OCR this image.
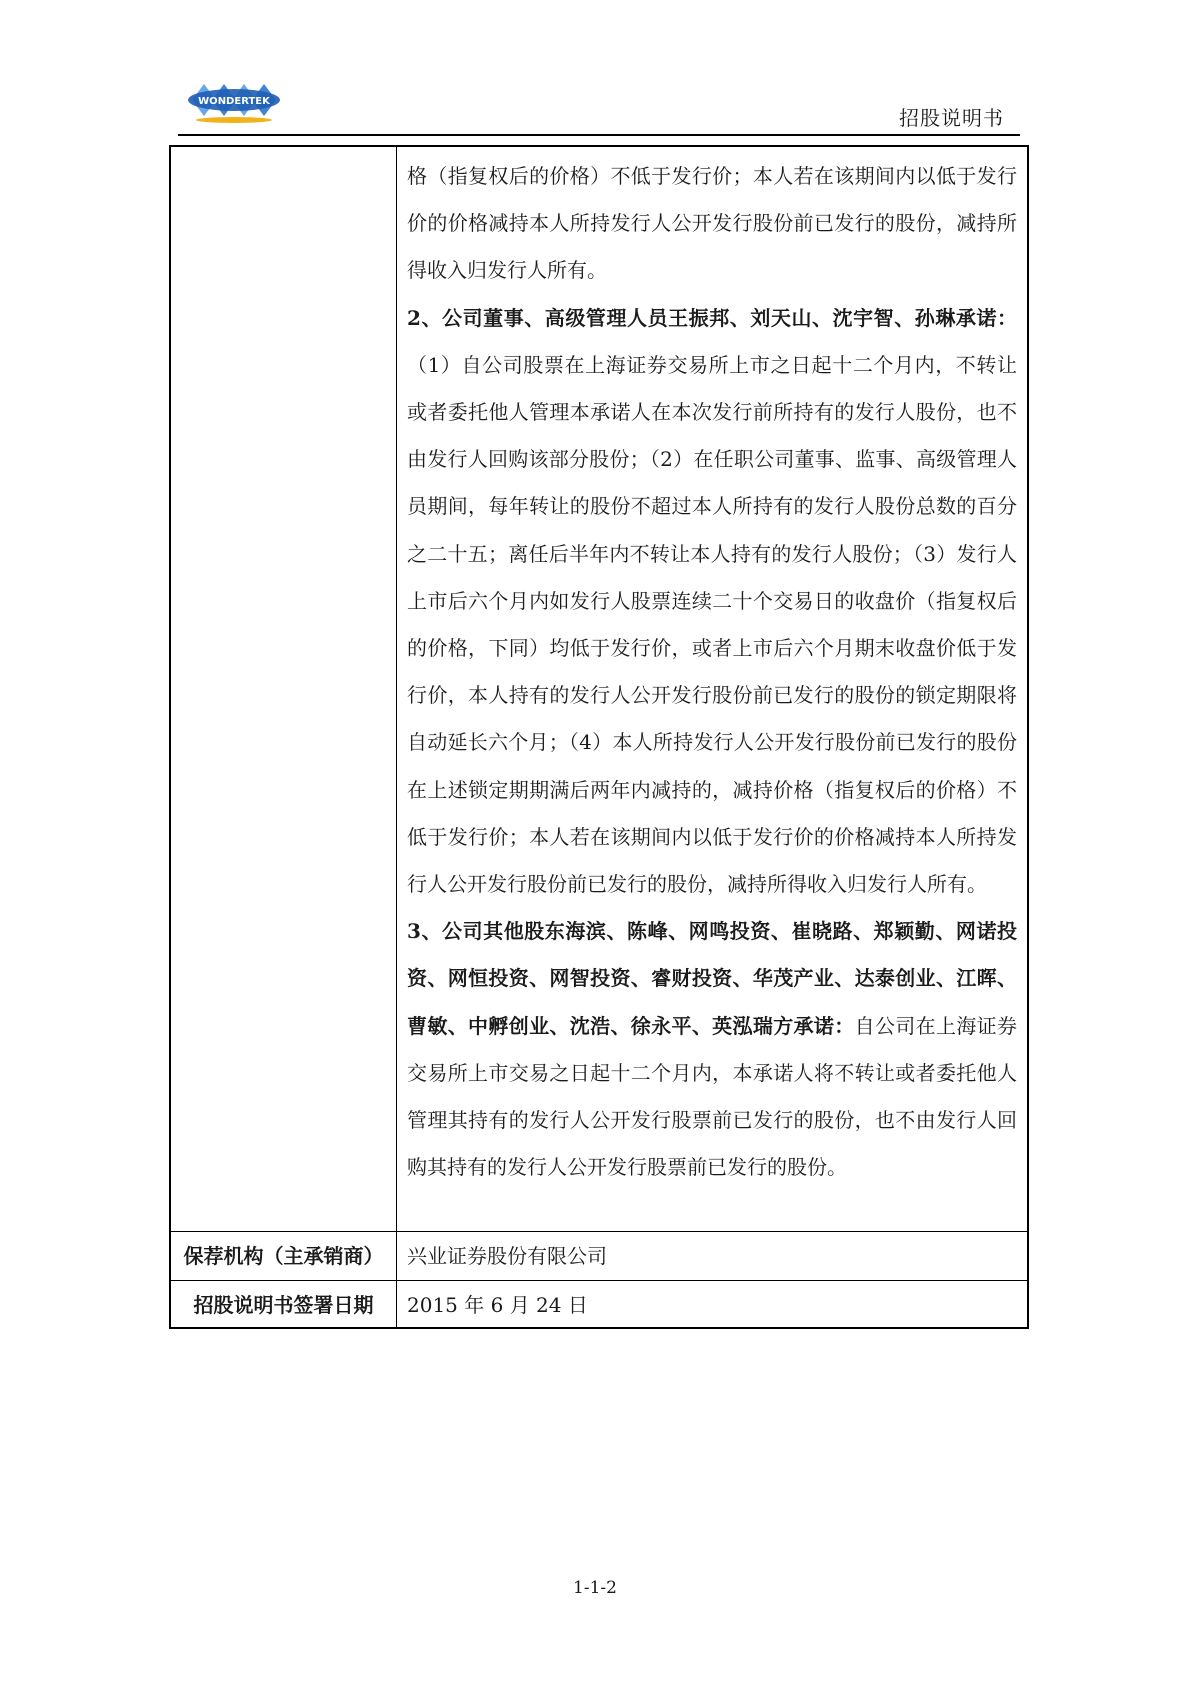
WONDERTEK
招股说明书

格（指复权后的价格）不低于发行价；本人若在该期间内以低于发行价的价格减持本人所持发行人公开发行股份前已发行的股份，减持所得收入归发行人所有。

2、公司董事、高级管理人员王振邦、刘天山、沈宇智、孙琳承诺：（1）自公司股票在上海证券交易所上市之日起十二个月内，不转让或者委托他人管理本承诺人在本次发行前所持有的发行人股份，也不由发行人回购该部分股份；（2）在任职公司董事、监事、高级管理人员期间，每年转让的股份不超过本人所持有的发行人股份总数的百分之二十五；离任后半年内不转让本人持有的发行人股份；（3）发行人上市后六个月内如发行人股票连续二十个交易日的收盘价（指复权后的价格，下同）均低于发行价，或者上市后六个月期末收盘价低于发行价，本人持有的发行人公开发行股份前已发行的股份的锁定期限将自动延长六个月；（4）本人所持发行人公开发行股份前已发行的股份在上述锁定期期满后两年内减持的，减持价格（指复权后的价格）不低于发行价；本人若在该期间内以低于发行价的价格减持本人所持发行人公开发行股份前已发行的股份，减持所得收入归发行人所有。

3、公司其他股东海滨、陈峰、网鸣投资、崔晓路、郑颖勤、网诺投资、网恒投资、网智投资、睿财投资、华茂产业、达泰创业、江晖、曹敏、中孵创业、沈浩、徐永平、英泓瑞方承诺：自公司在上海证券交易所上市交易之日起十二个月内，本承诺人将不转让或者委托他人管理其持有的发行人公开发行股票前已发行的股份，也不由发行人回购其持有的发行人公开发行股票前已发行的股份。

保荐机构（主承销商）	兴业证券股份有限公司
招股说明书签署日期	2015 年 6 月 24 日
1-1-2
